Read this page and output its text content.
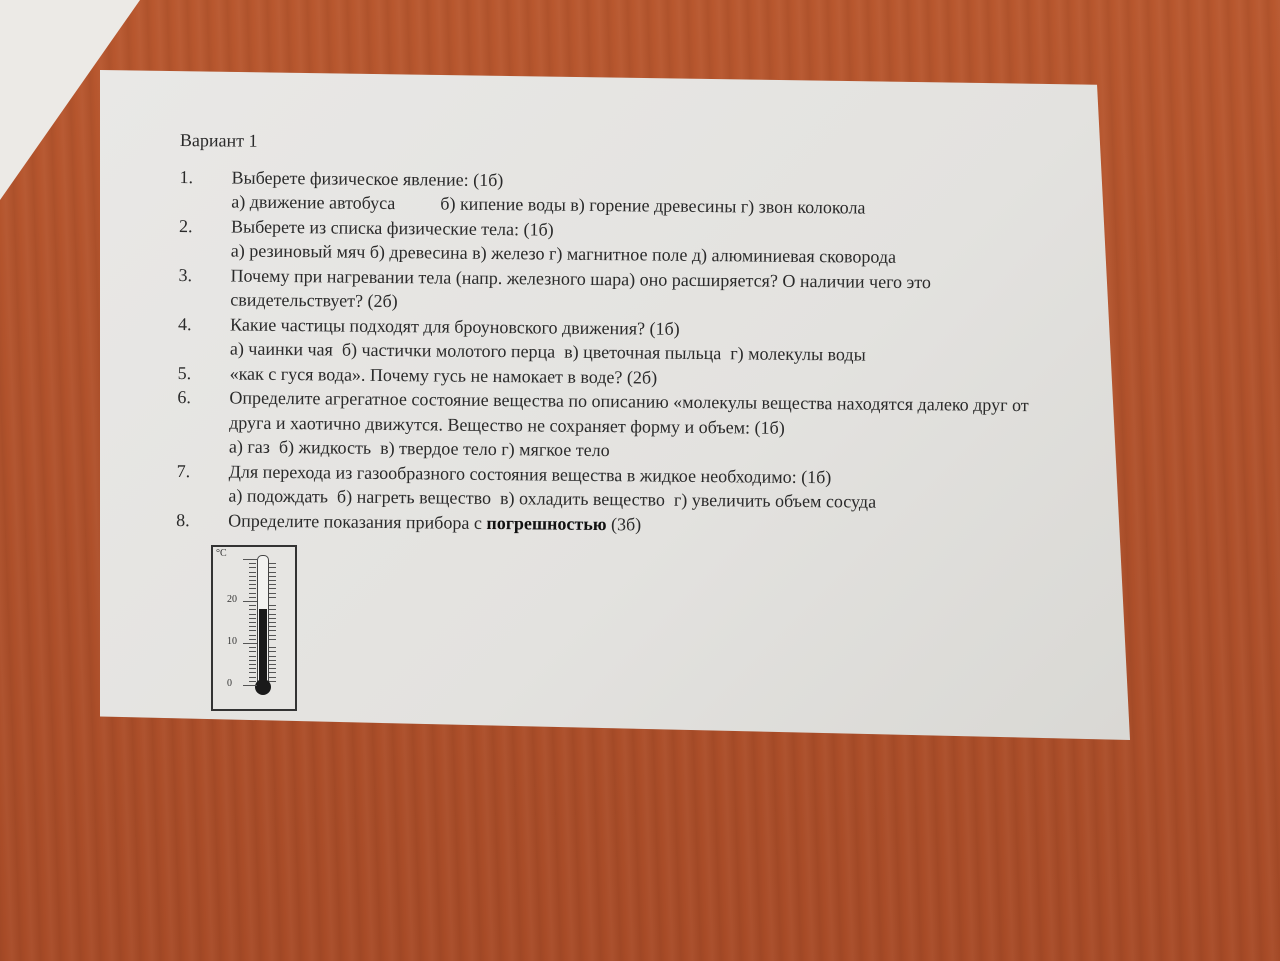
Вариант 1
1.	Выберете физическое явление: (1б)
а) движение автобуса          б) кипение воды в) горение древесины г) звон колокола
2.	Выберете из списка физические тела: (1б)
а) резиновый мяч б) древесина в) железо г) магнитное поле д) алюминиевая сковорода
3.	Почему при нагревании тела (напр. железного шара) оно расширяется? О наличии чего это свидетельствует? (2б)
4.	Какие частицы подходят для броуновского движения? (1б)
а) чаинки чая  б) частички молотого перца  в) цветочная пыльца  г) молекулы воды
5.	«как с гуся вода». Почему гусь не намокает в воде? (2б)
6.	Определите агрегатное состояние вещества по описанию «молекулы вещества находятся далеко друг от друга и хаотично движутся. Вещество не сохраняет форму и объем: (1б)
а) газ  б) жидкость  в) твердое тело г) мягкое тело
7.	Для перехода из газообразного состояния вещества в жидкое необходимо: (1б)
а) подождать  б) нагреть вещество  в) охладить вещество  г) увеличить объем сосуда
8.	Определите показания прибора с погрешностью (3б)
°C
20
10
0
